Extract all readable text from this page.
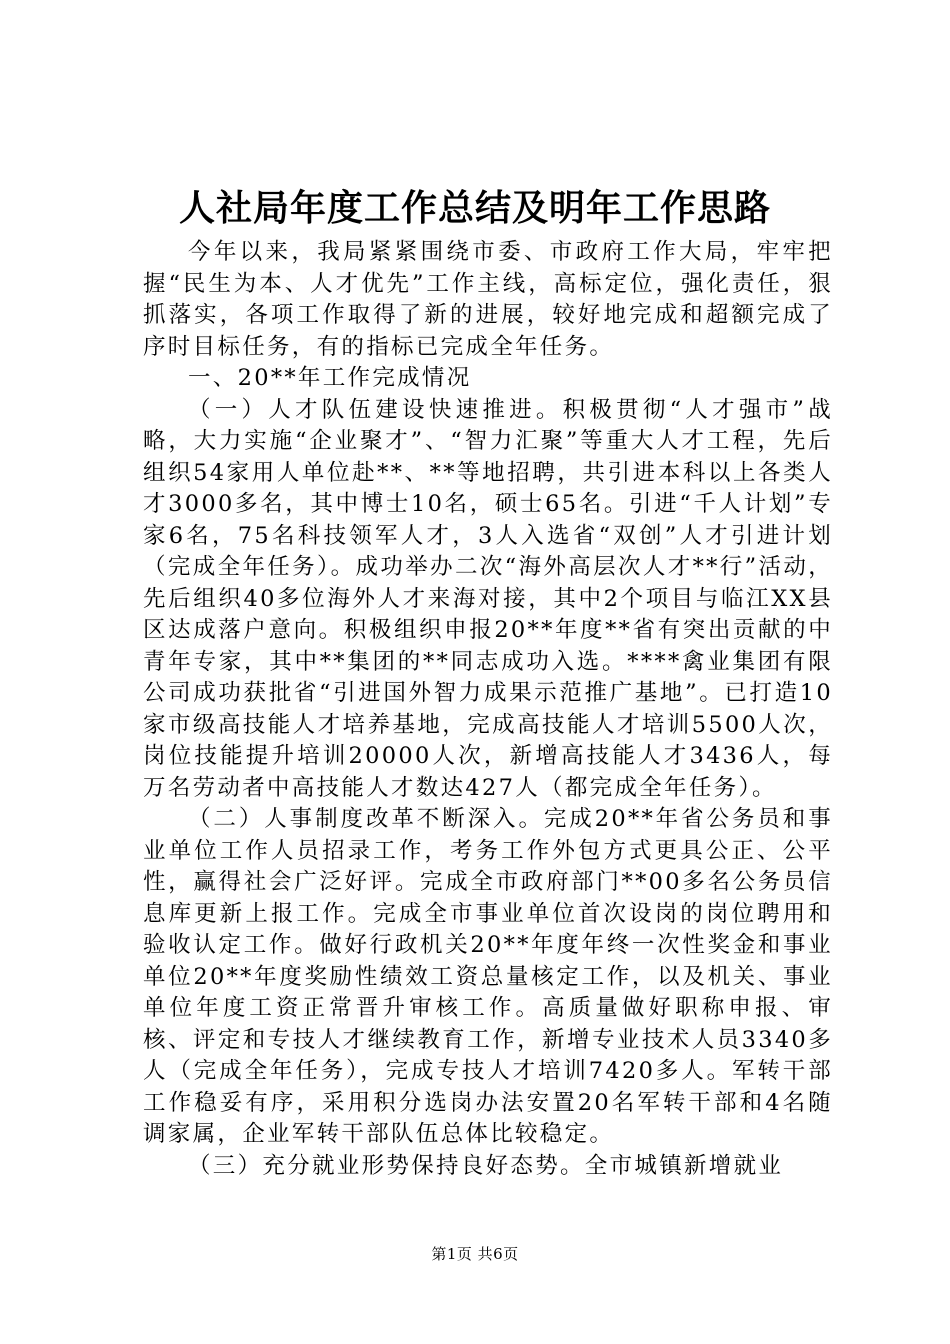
人社局年度工作总结及明年工作思路

今年以来，我局紧紧围绕市委、市政府工作大局，牢牢把握“民生为本、人才优先”工作主线，高标定位，强化责任，狠抓落实，各项工作取得了新的进展，较好地完成和超额完成了序时目标任务，有的指标已完成全年任务。

一、20**年工作完成情况

（一）人才队伍建设快速推进。积极贯彻“人才强市”战略，大力实施“企业聚才”、“智力汇聚”等重大人才工程，先后组织54家用人单位赴**、**等地招聘，共引进本科以上各类人才3000多名，其中博士10名，硕士65名。引进“千人计划”专家6名，75名科技领军人才，3人入选省“双创”人才引进计划（完成全年任务）。成功举办二次“海外高层次人才**行”活动，先后组织40多位海外人才来海对接，其中2个项目与临江XX县区达成落户意向。积极组织申报20**年度**省有突出贡献的中青年专家，其中**集团的**同志成功入选。****禽业集团有限公司成功获批省“引进国外智力成果示范推广基地”。已打造10家市级高技能人才培养基地，完成高技能人才培训5500人次，岗位技能提升培训20000人次，新增高技能人才3436人，每万名劳动者中高技能人才数达427人（都完成全年任务）。

（二）人事制度改革不断深入。完成20**年省公务员和事业单位工作人员招录工作，考务工作外包方式更具公正、公平性，赢得社会广泛好评。完成全市政府部门**00多名公务员信息库更新上报工作。完成全市事业单位首次设岗的岗位聘用和验收认定工作。做好行政机关20**年度年终一次性奖金和事业单位20**年度奖励性绩效工资总量核定工作，以及机关、事业单位年度工资正常晋升审核工作。高质量做好职称申报、审核、评定和专技人才继续教育工作，新增专业技术人员3340多人（完成全年任务），完成专技人才培训7420多人。军转干部工作稳妥有序，采用积分选岗办法安置20名军转干部和4名随调家属，企业军转干部队伍总体比较稳定。

（三）充分就业形势保持良好态势。全市城镇新增就业

第1页 共6页
